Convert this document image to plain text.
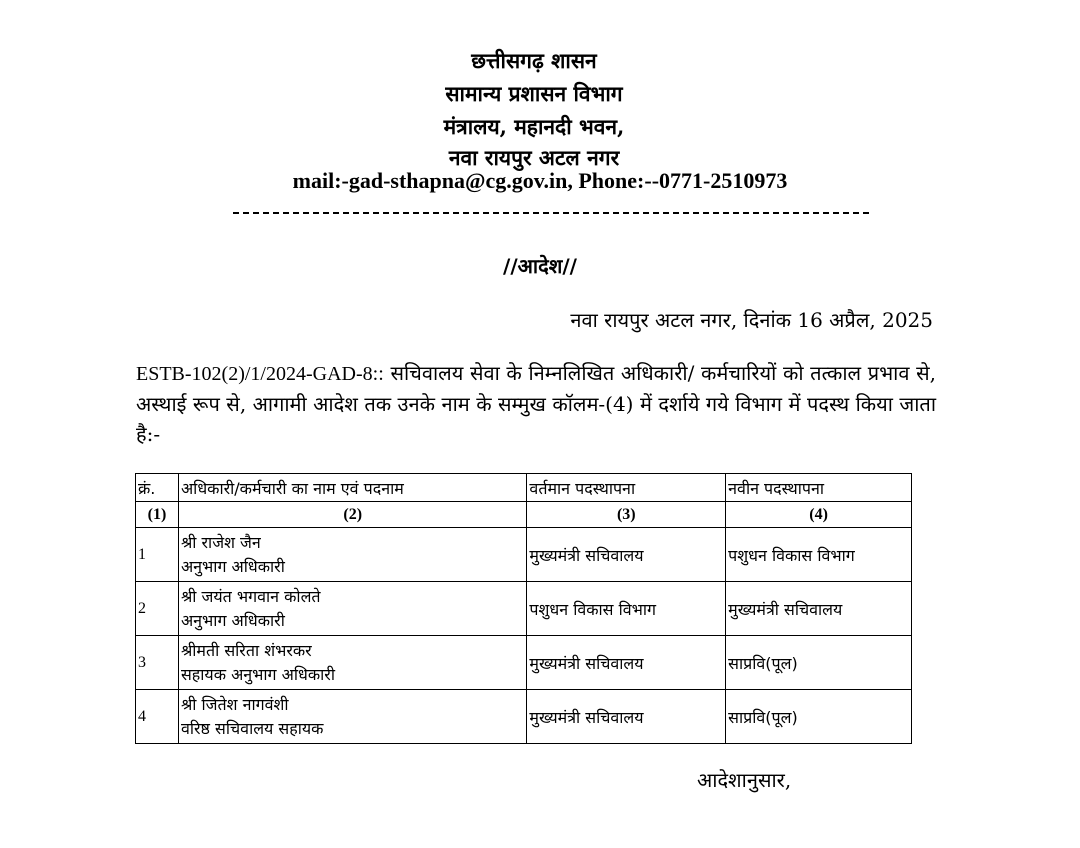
छत्तीसगढ़ शासन
सामान्य प्रशासन विभाग
मंत्रालय, महानदी भवन,
नवा रायपुर अटल नगर
mail:-gad-sthapna@cg.gov.in, Phone:--0771-2510973
//आदेश//
नवा रायपुर अटल नगर, दिनांक 16 अप्रैल, 2025

ESTB-102(2)/1/2024-GAD-8:: सचिवालय सेवा के निम्नलिखित अधिकारी/ कर्मचारियों को तत्काल प्रभाव से, अस्थाई रूप से, आगामी आदेश तक उनके नाम के सम्मुख कॉलम-(4) में दर्शाये गये विभाग में पदस्थ किया जाता है:-

क्रं.	अधिकारी/कर्मचारी का नाम एवं पदनाम	वर्तमान पदस्थापना	नवीन पदस्थापना
(1)	(2)	(3)	(4)
1	श्री राजेश जैन
अनुभाग अधिकारी	मुख्यमंत्री सचिवालय	पशुधन विकास विभाग
2	श्री जयंत भगवान कोलते
अनुभाग अधिकारी	पशुधन विकास विभाग	मुख्यमंत्री सचिवालय
3	श्रीमती सरिता शंभरकर
सहायक अनुभाग अधिकारी	मुख्यमंत्री सचिवालय	साप्रवि(पूल)
4	श्री जितेश नागवंशी
वरिष्ठ सचिवालय सहायक	मुख्यमंत्री सचिवालय	साप्रवि(पूल)
आदेशानुसार,
